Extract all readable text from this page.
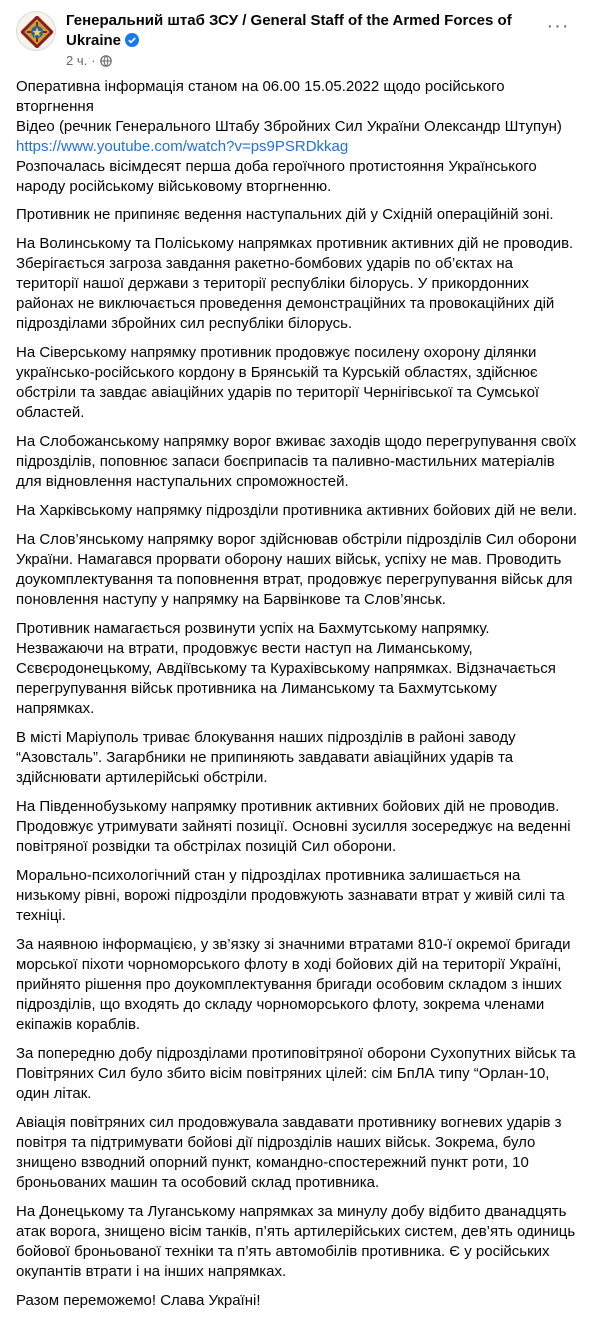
Генеральний штаб ЗСУ / General Staff of the Armed Forces of Ukraine
2 ч. ·
···

Оперативна інформація станом на 06.00 15.05.2022 щодо російського вторгнення
Відео (речник Генерального Штабу Збройних Сил України Олександр Штупун)
https://www.youtube.com/watch?v=ps9PSRDkkag
Розпочалась вісімдесят перша доба героїчного протистояння Українського народу російському військовому вторгненню.

Противник не припиняє ведення наступальних дій у Східній операційній зоні.

На Волинському та Поліському напрямках противник активних дій не проводив. Зберігається загроза завдання ракетно-бомбових ударів по об’єктах на території нашої держави з території республіки білорусь. У прикордонних районах не виключається проведення демонстраційних та провокаційних дій підрозділами збройних сил республіки білорусь.

На Сіверському напрямку противник продовжує посилену охорону ділянки українсько-російського кордону в Брянській та Курській областях, здійснює обстріли та завдає авіаційних ударів по території Чернігівської та Сумської областей.

На Слобожанському напрямку ворог вживає заходів щодо перегрупування своїх підрозділів, поповнює запаси боєприпасів та паливно-мастильних матеріалів для відновлення наступальних спроможностей.

На Харківському напрямку підрозділи противника активних бойових дій не вели.

На Слов’янському напрямку ворог здійснював обстріли підрозділів Сил оборони України. Намагався прорвати оборону наших військ, успіху не мав. Проводить доукомплектування та поповнення втрат, продовжує перегрупування військ для поновлення наступу у напрямку на Барвінкове та Слов’янськ.

Противник намагається розвинути успіх на Бахмутському напрямку. Незважаючи на втрати, продовжує вести наступ на Лиманському, Сєвєродонецькому, Авдіївському та Курахівському напрямках. Відзначається перегрупування військ противника на Лиманському та Бахмутському напрямках.

В місті Маріуполь триває блокування наших підрозділів в районі заводу “Азовсталь”. Загарбники не припиняють завдавати авіаційних ударів та здійснювати артилерійські обстріли.

На Південнобузькому напрямку противник активних бойових дій не проводив. Продовжує утримувати зайняті позиції. Основні зусилля зосереджує на веденні повітряної розвідки та обстрілах позицій Сил оборони.

Морально-психологічний стан у підрозділах противника залишається на низькому рівні, ворожі підрозділи продовжують зазнавати втрат у живій силі та техніці.

За наявною інформацією, у зв’язку зі значними втратами 810-ї окремої бригади морської піхоти чорноморського флоту в ході бойових дій на території Україні, прийнято рішення про доукомплектування бригади особовим складом з інших підрозділів, що входять до складу чорноморського флоту, зокрема членами екіпажів кораблів.

За попередню добу підрозділами протиповітряної оборони Сухопутних військ та Повітряних Сил було збито вісім повітряних цілей: сім БпЛА типу “Орлан-10, один літак.

Авіація повітряних сил продовжувала завдавати противнику вогневих ударів з повітря та підтримувати бойові дії підрозділів наших військ. Зокрема, було знищено взводний опорний пункт, командно-спостережний пункт роти, 10 броньованих машин та особовий склад противника.

На Донецькому та Луганському напрямках за минулу добу відбито дванадцять атак ворога, знищено вісім танків, п’ять артилерійських систем, дев’ять одиниць бойової броньованої техніки та п’ять автомобілів противника. Є у російських окупантів втрати і на інших напрямках.

Разом переможемо! Слава Україні!
